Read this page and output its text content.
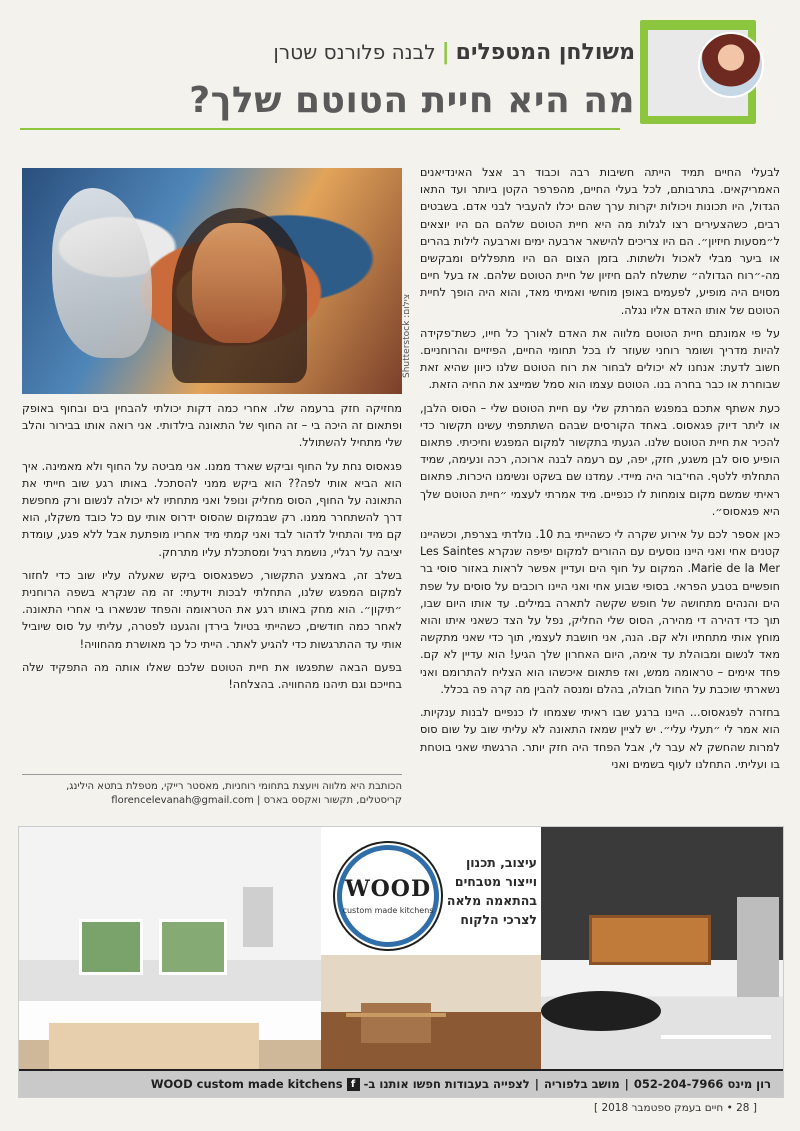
משולחן המטפלים|לבנה פלורנס שטרן
מה היא חיית הטוטם שלך?

לבעלי החיים תמיד הייתה חשיבות רבה וכבוד רב אצל האינדיאנים האמריקאים. בתרבותם, לכל בעלי החיים, מהפרפר הקטן ביותר ועד התאו הגדול, היו תכונות ויכולות יקרות ערך שהם יכלו להעביר לבני אדם. בשבטים רבים, כשהצעירים רצו לגלות מה היא חיית הטוטם שלהם הם היו יוצאים ל״מסעות חיזיון״. הם היו צריכים להישאר ארבעה ימים וארבעה לילות בהרים או ביער מבלי לאכול ולשתות. בזמן הצום הם היו מתפללים ומבקשים מה-״רוח הגדולה״ שתשלח להם חיזיון של חיית הטוטם שלהם. אז בעל חיים מסוים היה מופיע, לפעמים באופן מוחשי ואמיתי מאד, והוא היה הופך לחיית הטוטם של אותו האדם אליו נגלה.

על פי אמונתם חיית הטוטם מלווה את האדם לאורך כל חייו, כשת־פקידה להיות מדריך ושומר רוחני שעוזר לו בכל תחומי החיים, הפיזיים והרוחניים. חשוב לדעת: אנחנו לא יכולים לבחור את רוח הטוטם שלנו כיוון שהיא זאת שבוחרת או כבר בחרה בנו. הטוטם עצמו הוא סמל שמייצג את החיה הזאת.

כעת אשתף אתכם במפגש המרתק שלי עם חיית הטוטם שלי – הסוס הלבן, או ליתר דיוק פגאסוס. באחד הקורסים שבהם השתתפתי עשינו תקשור כדי להכיר את חיית הטוטם שלנו. הגעתי בתקשור למקום המפגש וחיכיתי. פתאום הופיע סוס לבן משגע, חזק, יפה, עם רעמה לבנה ארוכה, רכה ונעימה, שמיד התחלתי ללטף. החי־בור היה מיידי. עמדנו שם בשקט ונשימנו היכרות. פתאום ראיתי שמשם מקום צומחות לו כנפיים. מיד אמרתי לעצמי ״חיית הטוטם שלך היא פגאסוס״.

כאן אספר לכם על אירוע שקרה לי כשהייתי בת 10. נולדתי בצרפת, וכשהיינו קטנים אחי ואני היינו נוסעים עם ההורים למקום יפיפה שנקרא Les Saintes Marie de la Mer. המקום על חוף הים ועדיין אפשר לראות באזור סוסי בר חופשיים בטבע הפראי. בסופי שבוע אחי ואני היינו רוכבים על סוסים על שפת הים והנהים מתחושה של חופש שקשה לתארה במילים. עד אותו היום שבו, תוך כדי דהירה די מהירה, הסוס שלי החליק, נפל על הצד כשאני איתו והוא מוחץ אותי מתחתיו ולא קם. הנה, אני חושבת לעצמי, תוך כדי שאני מתקשה מאד לנשום ומבוהלת עד אימה, היום האחרון שלך הגיע! הוא עדיין לא קם. פחד אימים – טראומה ממש, ואז פתאום איכשהו הוא הצליח להתרומם ואני נשארתי שוכבת על החול חבולה, בהלם ומנסה להבין מה קרה פה בכלל.

בחזרה לפגאסוס... היינו ברגע שבו ראיתי שצמחו לו כנפיים לבנות ענקיות. הוא אמר לי ״תעלי עלי״. יש לציין שמאז התאונה לא עליתי שוב על שום סוס למרות שהחשק לא עבר לי, אבל הפחד היה חזק יותר. הרגשתי שאני בוטחת בו ועליתי. התחלנו לעוף בשמים ואני

צילום: Shutterstock

מחזיקה חזק ברעמה שלו. אחרי כמה דקות יכולתי להבחין בים ובחוף באופק ופתאום זה היכה בי – זה החוף של התאונה בילדותי. אני רואה אותו בבירור והלב שלי מתחיל להשתולל.

פגאסוס נחת על החוף וביקש שארד ממנו. אני מביטה על החוף ולא מאמינה. איך הוא הביא אותי לפה?? הוא ביקש ממני להסתכל. באותו רגע שוב חייתי את התאונה על החוף, הסוס מחליק ונופל ואני מתחתיו לא יכולה לנשום ורק מחפשת דרך להשתחרר ממנו. רק שבמקום שהסוס ידרוס אותי עם כל כובד משקלו, הוא קם מיד והתחיל לדהור לבד ואני קמתי מיד אחריו מופתעת אבל ללא פגע, עומדת יציבה על רגליי, נושמת רגיל ומסתכלת עליו מתרחק.

בשלב זה, באמצע התקשור, כשפגאסוס ביקש שאעלה עליו שוב כדי לחזור למקום המפגש שלנו, התחלתי לבכות וידעתי: זה מה שנקרא בשפה הרוחנית ״תיקון״. הוא מחק באותו רגע את הטראומה והפחד שנשארו בי אחרי התאונה. לאחר כמה חודשים, כשהייתי בטיול בירדן והגענו לפטרה, עליתי על סוס שיוביל אותי עד ההתרגשות כדי להגיע לאתר. הייתי כל כך מאושרת מהחוויה!

בפעם הבאה שתפגשו את חיית הטוטם שלכם שאלו אותה מה התפקיד שלה בחייכם וגם תיהנו מהחוויה. בהצלחה!

הכותבת היא מלווה ויועצת בתחומי רוחניות, מאסטר רייקי, מטפלת בתטא הילינג,
קריסטלים, תקשור ואקסס בארס | florencelevanah@gmail.com
WOOD
custom made kitchens
עיצוב, תכנון
וייצור מטבחים
בהתאמה מלאה
לצרכי הלקוח
רון מינס 052-204-7966
|
מושב בלפוריה
|
לצפייה בעבודות חפשו אותנו ב-
f
WOOD custom made kitchens
[ 28 • חיים בעמק ספטמבר 2018 ]
